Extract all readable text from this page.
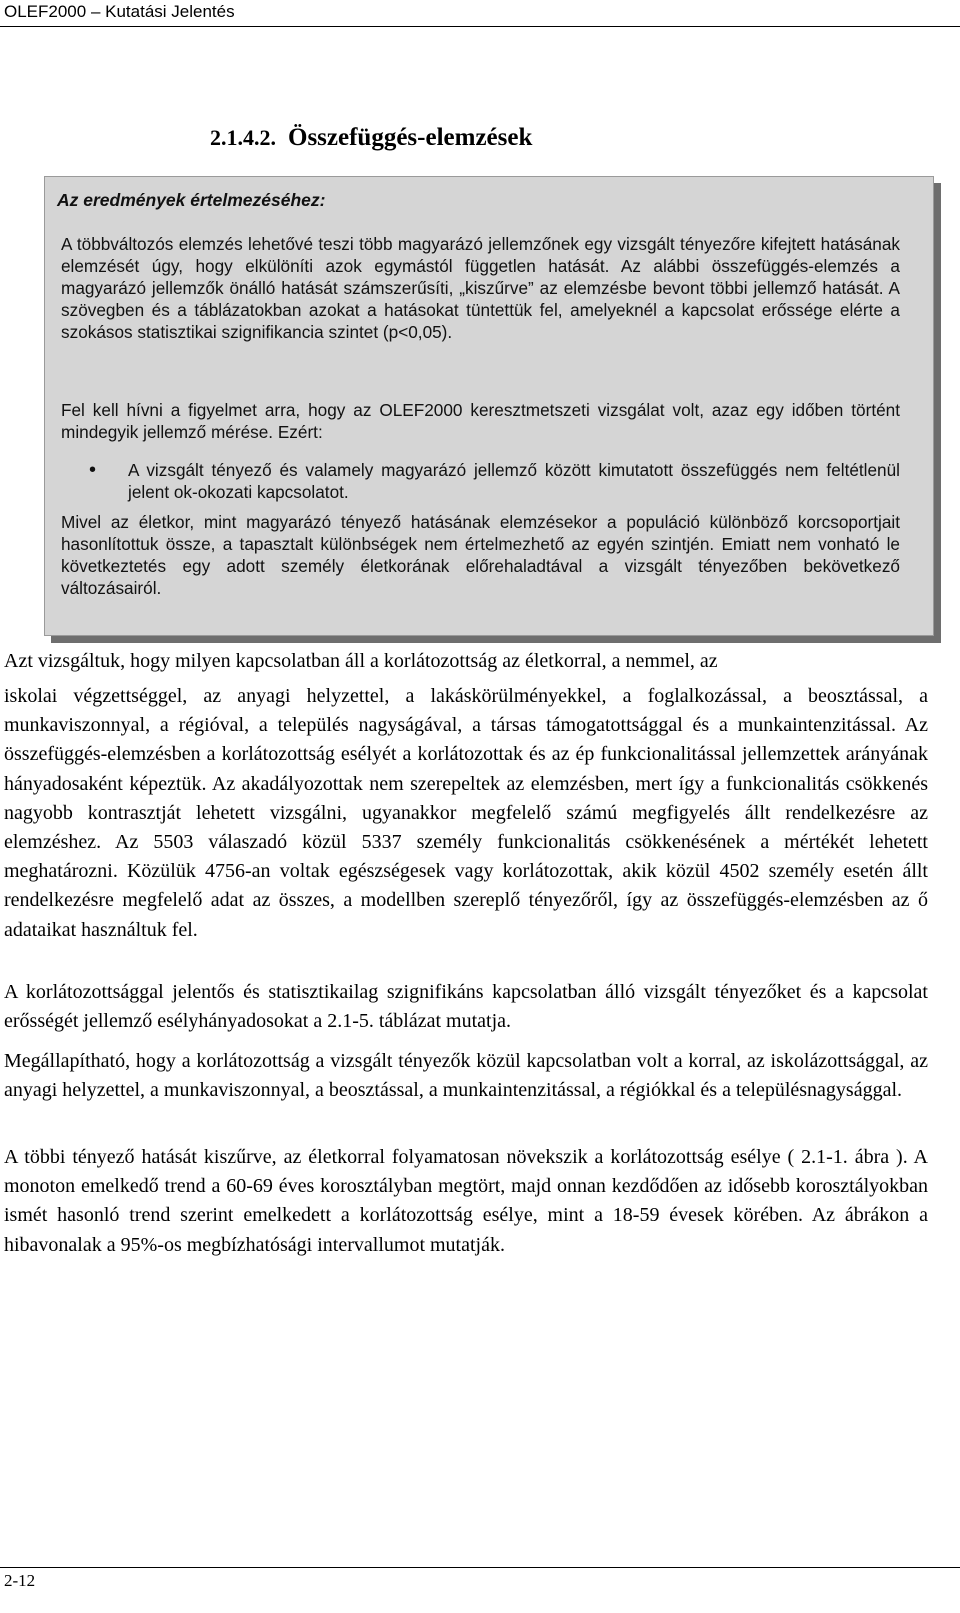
OLEF2000 – Kutatási Jelentés
2.1.4.2. Összefüggés-elemzések
Az eredmények értelmezéséhez:

A többváltozós elemzés lehetővé teszi több magyarázó jellemzőnek egy vizsgált tényezőre kifejtett hatásának elemzését úgy, hogy elkülöníti azok egymástól független hatását. Az alábbi összefüggés-elemzés a magyarázó jellemzők önálló hatását számszerűsíti, „kiszűrve” az elemzésbe bevont többi jellemző hatását. A szövegben és a táblázatokban azokat a hatásokat tüntettük fel, amelyeknél a kapcsolat erőssége elérte a szokásos statisztikai szignifikancia szintet (p<0,05).

Fel kell hívni a figyelmet arra, hogy az OLEF2000 keresztmetszeti vizsgálat volt, azaz egy időben történt mindegyik jellemző mérése. Ezért:

• A vizsgált tényező és valamely magyarázó jellemző között kimutatott összefüggés nem feltétlenül jelent ok-okozati kapcsolatot.

Mivel az életkor, mint magyarázó tényező hatásának elemzésekor a populáció különböző korcsoportjait hasonlítottuk össze, a tapasztalt különbségek nem értelmezhető az egyén szintjén. Emiatt nem vonható le következtetés egy adott személy életkorának előrehaladtával a vizsgált tényezőben bekövetkező változásairól.

Azt vizsgáltuk, hogy milyen kapcsolatban áll a korlátozottság az életkorral, a nemmel, az

iskolai végzettséggel, az anyagi helyzettel, a lakáskörülményekkel, a foglalkozással, a beosztással, a munkaviszonnyal, a régióval, a település nagyságával, a társas támogatottsággal és a munkaintenzitással. Az összefüggés-elemzésben a korlátozottság esélyét a korlátozottak és az ép funkcionalitással jellemzettek arányának hányadosaként képeztük. Az akadályozottak nem szerepeltek az elemzésben, mert így a funkcionalitás csökkenés nagyobb kontrasztját lehetett vizsgálni, ugyanakkor megfelelő számú megfigyelés állt rendelkezésre az elemzéshez. Az 5503 válaszadó közül 5337 személy funkcionalitás csökkenésének a mértékét lehetett meghatározni. Közülük 4756-an voltak egészségesek vagy korlátozottak, akik közül 4502 személy esetén állt rendelkezésre megfelelő adat az összes, a modellben szereplő tényezőről, így az összefüggés-elemzésben az ő adataikat használtuk fel.

A korlátozottsággal jelentős és statisztikailag szignifikáns kapcsolatban álló vizsgált tényezőket és a kapcsolat erősségét jellemző esélyhányadosokat a 2.1-5. táblázat mutatja.

Megállapítható, hogy a korlátozottság a vizsgált tényezők közül kapcsolatban volt a korral, az iskolázottsággal, az anyagi helyzettel, a munkaviszonnyal, a beosztással, a munkaintenzitással, a régiókkal és a településnagysággal.

A többi tényező hatását kiszűrve, az életkorral folyamatosan növekszik a korlátozottság esélye ( 2.1-1. ábra ). A monoton emelkedő trend a 60-69 éves korosztályban megtört, majd onnan kezdődően az idősebb korosztályokban ismét hasonló trend szerint emelkedett a korlátozottság esélye, mint a 18-59 évesek körében. Az ábrákon a hibavonalak a 95%-os megbízhatósági intervallumot mutatják.

2-12
